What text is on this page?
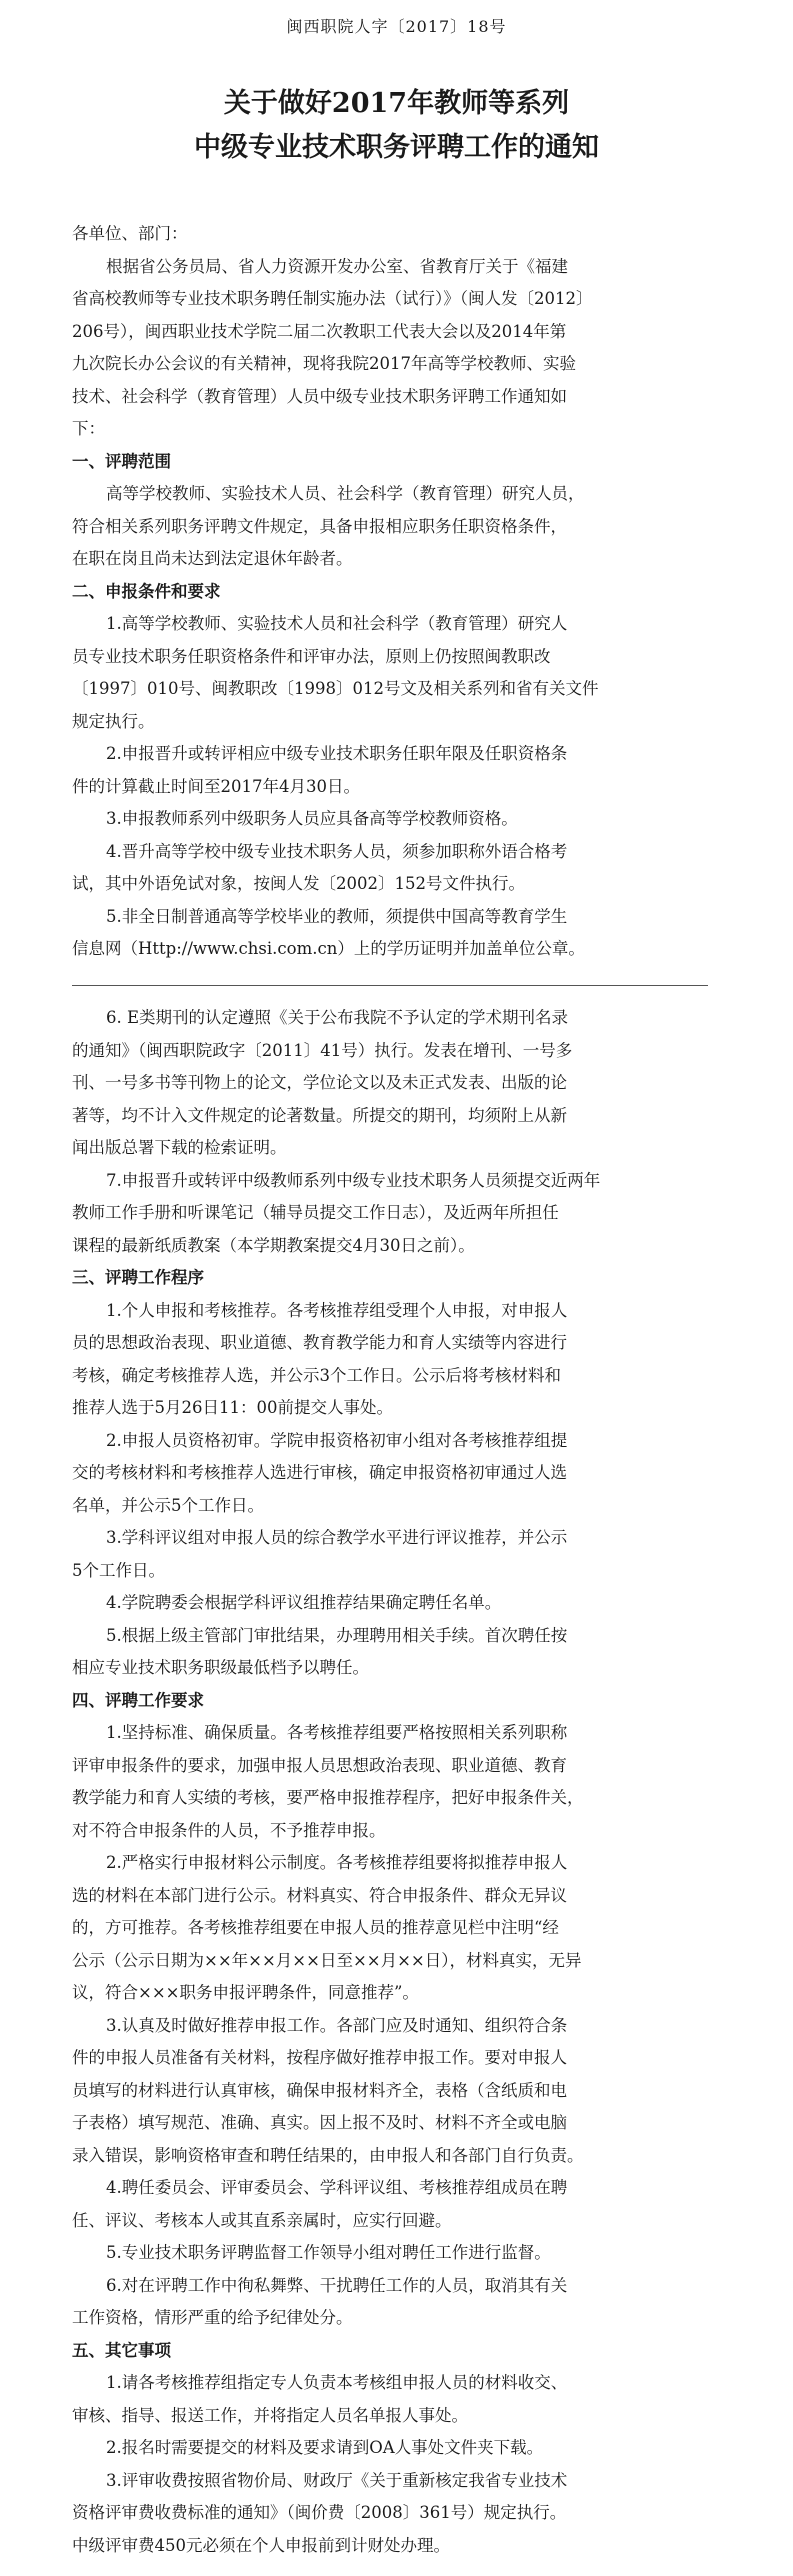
闽西职院人字〔2017〕18号
关于做好2017年教师等系列
中级专业技术职务评聘工作的通知
各单位、部门：
根据省公务员局、省人力资源开发办公室、省教育厅关于《福建
省高校教师等专业技术职务聘任制实施办法（试行）》（闽人发〔2012〕
206号），闽西职业技术学院二届二次教职工代表大会以及2014年第
九次院长办公会议的有关精神，现将我院2017年高等学校教师、实验
技术、社会科学（教育管理）人员中级专业技术职务评聘工作通知如
下：
一、评聘范围
高等学校教师、实验技术人员、社会科学（教育管理）研究人员，
符合相关系列职务评聘文件规定，具备申报相应职务任职资格条件，
在职在岗且尚未达到法定退休年龄者。
二、申报条件和要求
1.高等学校教师、实验技术人员和社会科学（教育管理）研究人
员专业技术职务任职资格条件和评审办法，原则上仍按照闽教职改
〔1997〕010号、闽教职改〔1998〕012号文及相关系列和省有关文件
规定执行。
2.申报晋升或转评相应中级专业技术职务任职年限及任职资格条
件的计算截止时间至2017年4月30日。
3.申报教师系列中级职务人员应具备高等学校教师资格。
4.晋升高等学校中级专业技术职务人员，须参加职称外语合格考
试，其中外语免试对象，按闽人发〔2002〕152号文件执行。
5.非全日制普通高等学校毕业的教师，须提供中国高等教育学生
信息网（Http://www.chsi.com.cn）上的学历证明并加盖单位公章。
6. E类期刊的认定遵照《关于公布我院不予认定的学术期刊名录
的通知》（闽西职院政字〔2011〕41号）执行。发表在增刊、一号多
刊、一号多书等刊物上的论文，学位论文以及未正式发表、出版的论
著等，均不计入文件规定的论著数量。所提交的期刊，均须附上从新
闻出版总署下载的检索证明。
7.申报晋升或转评中级教师系列中级专业技术职务人员须提交近两年
教师工作手册和听课笔记（辅导员提交工作日志），及近两年所担任
课程的最新纸质教案（本学期教案提交4月30日之前）。
三、评聘工作程序
1.个人申报和考核推荐。各考核推荐组受理个人申报，对申报人
员的思想政治表现、职业道德、教育教学能力和育人实绩等内容进行
考核，确定考核推荐人选，并公示3个工作日。公示后将考核材料和
推荐人选于5月26日11：00前提交人事处。
2.申报人员资格初审。学院申报资格初审小组对各考核推荐组提
交的考核材料和考核推荐人选进行审核，确定申报资格初审通过人选
名单，并公示5个工作日。
3.学科评议组对申报人员的综合教学水平进行评议推荐，并公示
5个工作日。
4.学院聘委会根据学科评议组推荐结果确定聘任名单。
5.根据上级主管部门审批结果，办理聘用相关手续。首次聘任按
相应专业技术职务职级最低档予以聘任。
四、评聘工作要求
1.坚持标准、确保质量。各考核推荐组要严格按照相关系列职称
评审申报条件的要求，加强申报人员思想政治表现、职业道德、教育
教学能力和育人实绩的考核，要严格申报推荐程序，把好申报条件关，
对不符合申报条件的人员，不予推荐申报。
2.严格实行申报材料公示制度。各考核推荐组要将拟推荐申报人
选的材料在本部门进行公示。材料真实、符合申报条件、群众无异议
的，方可推荐。各考核推荐组要在申报人员的推荐意见栏中注明“经
公示（公示日期为××年××月××日至××月××日），材料真实，无异
议，符合×××职务申报评聘条件，同意推荐”。
3.认真及时做好推荐申报工作。各部门应及时通知、组织符合条
件的申报人员准备有关材料，按程序做好推荐申报工作。要对申报人
员填写的材料进行认真审核，确保申报材料齐全，表格（含纸质和电
子表格）填写规范、准确、真实。因上报不及时、材料不齐全或电脑
录入错误，影响资格审查和聘任结果的，由申报人和各部门自行负责。
4.聘任委员会、评审委员会、学科评议组、考核推荐组成员在聘
任、评议、考核本人或其直系亲属时，应实行回避。
5.专业技术职务评聘监督工作领导小组对聘任工作进行监督。
6.对在评聘工作中徇私舞弊、干扰聘任工作的人员，取消其有关
工作资格，情形严重的给予纪律处分。
五、其它事项
1.请各考核推荐组指定专人负责本考核组申报人员的材料收交、
审核、指导、报送工作，并将指定人员名单报人事处。
2.报名时需要提交的材料及要求请到OA人事处文件夹下载。
3.评审收费按照省物价局、财政厅《关于重新核定我省专业技术
资格评审费收费标准的通知》（闽价费〔2008〕361号）规定执行。
中级评审费450元必须在个人申报前到计财处办理。
